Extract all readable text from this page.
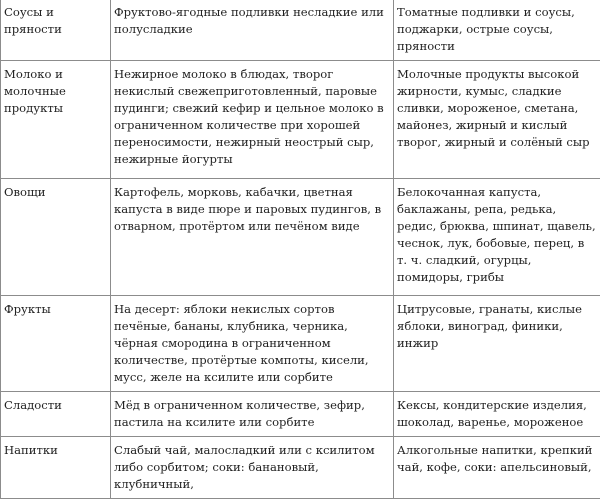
Соусы и пряности	Фруктово-ягодные подливки несладкие или полусладкие	Томатные подливки и соусы, поджарки, острые соусы, пряности
Молоко и молочные продукты	Нежирное молоко в блюдах, творог некислый свежеприготовленный, паровые пудинги; свежий кефир и цельное молоко в ограниченном количестве при хорошей переносимости, нежирный неострый сыр, нежирные йогурты	Молочные продукты высокой жирности, кумыс, сладкие сливки, мороженое, сметана, майонез, жирный и кислый творог, жирный и солёный сыр
Овощи	Картофель, морковь, кабачки, цветная капуста в виде пюре и паровых пудингов, в отварном, протёртом или печёном виде	Белокочанная капуста, баклажаны, репа, редька, редис, брюква, шпинат, щавель, чеснок, лук, бобовые, перец, в т. ч. сладкий, огурцы, помидоры, грибы
Фрукты	На десерт: яблоки некислых сортов печёные, бананы, клубника, черника, чёрная смородина в ограниченном количестве, протёртые компоты, кисели, мусс, желе на ксилите или сорбите	Цитрусовые, гранаты, кислые яблоки, виноград, финики, инжир
Сладости	Мёд в ограниченном количестве, зефир, пастила на ксилите или сорбите	Кексы, кондитерские изделия, шоколад, варенье, мороженое
Напитки	Слабый чай, малосладкий или с ксилитом либо сорбитом; соки: банановый, клубничный,	Алкогольные напитки, крепкий чай, кофе, соки: апельсиновый,
